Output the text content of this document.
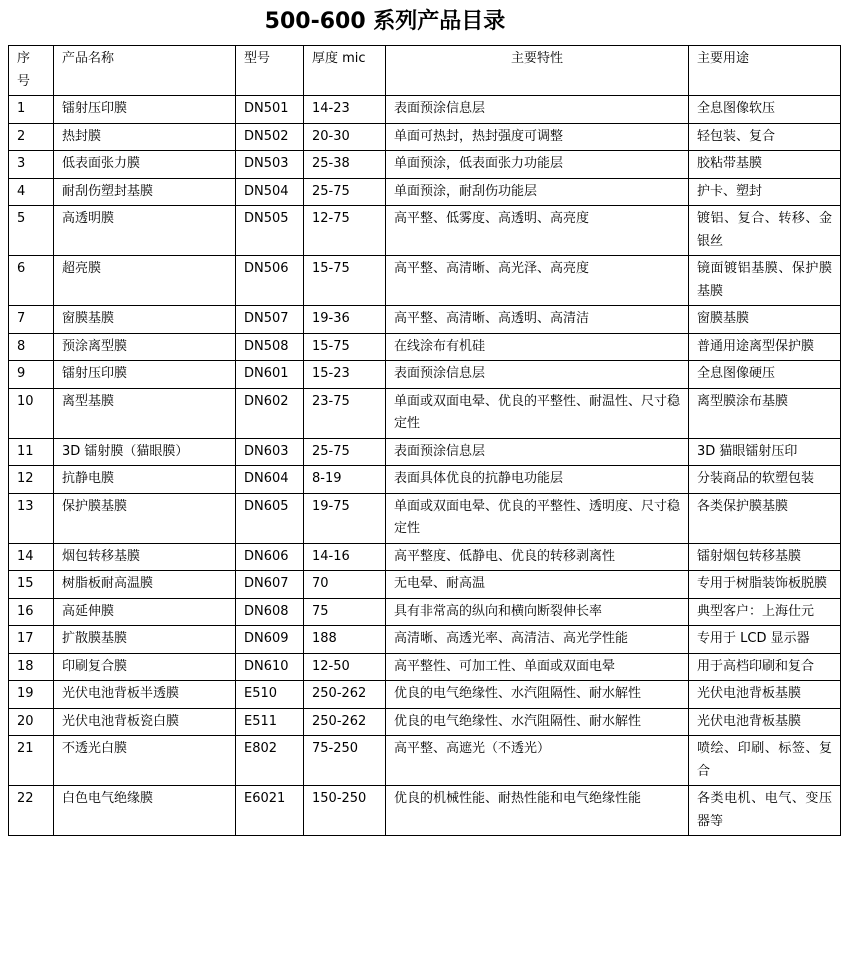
500-600 系列产品目录
序号	产品名称	型号	厚度 mic	主要特性	主要用途
1	镭射压印膜	DN501	14-23	表面预涂信息层	全息图像软压
2	热封膜	DN502	20-30	单面可热封，热封强度可调整	轻包装、复合
3	低表面张力膜	DN503	25-38	单面预涂，低表面张力功能层	胶粘带基膜
4	耐刮伤塑封基膜	DN504	25-75	单面预涂，耐刮伤功能层	护卡、塑封
5	高透明膜	DN505	12-75	高平整、低雾度、高透明、高亮度	镀铝、复合、转移、金银丝
6	超亮膜	DN506	15-75	高平整、高清晰、高光泽、高亮度	镜面镀铝基膜、保护膜基膜
7	窗膜基膜	DN507	19-36	高平整、高清晰、高透明、高清洁	窗膜基膜
8	预涂离型膜	DN508	15-75	在线涂布有机硅	普通用途离型保护膜
9	镭射压印膜	DN601	15-23	表面预涂信息层	全息图像硬压
10	离型基膜	DN602	23-75	单面或双面电晕、优良的平整性、耐温性、尺寸稳定性	离型膜涂布基膜
11	3D 镭射膜（猫眼膜）	DN603	25-75	表面预涂信息层	3D 猫眼镭射压印
12	抗静电膜	DN604	8-19	表面具体优良的抗静电功能层	分装商品的软塑包装
13	保护膜基膜	DN605	19-75	单面或双面电晕、优良的平整性、透明度、尺寸稳定性	各类保护膜基膜
14	烟包转移基膜	DN606	14-16	高平整度、低静电、优良的转移剥离性	镭射烟包转移基膜
15	树脂板耐高温膜	DN607	70	无电晕、耐高温	专用于树脂装饰板脱膜
16	高延伸膜	DN608	75	具有非常高的纵向和横向断裂伸长率	典型客户：上海仕元
17	扩散膜基膜	DN609	188	高清晰、高透光率、高清洁、高光学性能	专用于 LCD 显示器
18	印刷复合膜	DN610	12-50	高平整性、可加工性、单面或双面电晕	用于高档印刷和复合
19	光伏电池背板半透膜	E510	250-262	优良的电气绝缘性、水汽阻隔性、耐水解性	光伏电池背板基膜
20	光伏电池背板瓷白膜	E511	250-262	优良的电气绝缘性、水汽阻隔性、耐水解性	光伏电池背板基膜
21	不透光白膜	E802	75-250	高平整、高遮光（不透光）	喷绘、印刷、标签、复合
22	白色电气绝缘膜	E6021	150-250	优良的机械性能、耐热性能和电气绝缘性能	各类电机、电气、变压器等
